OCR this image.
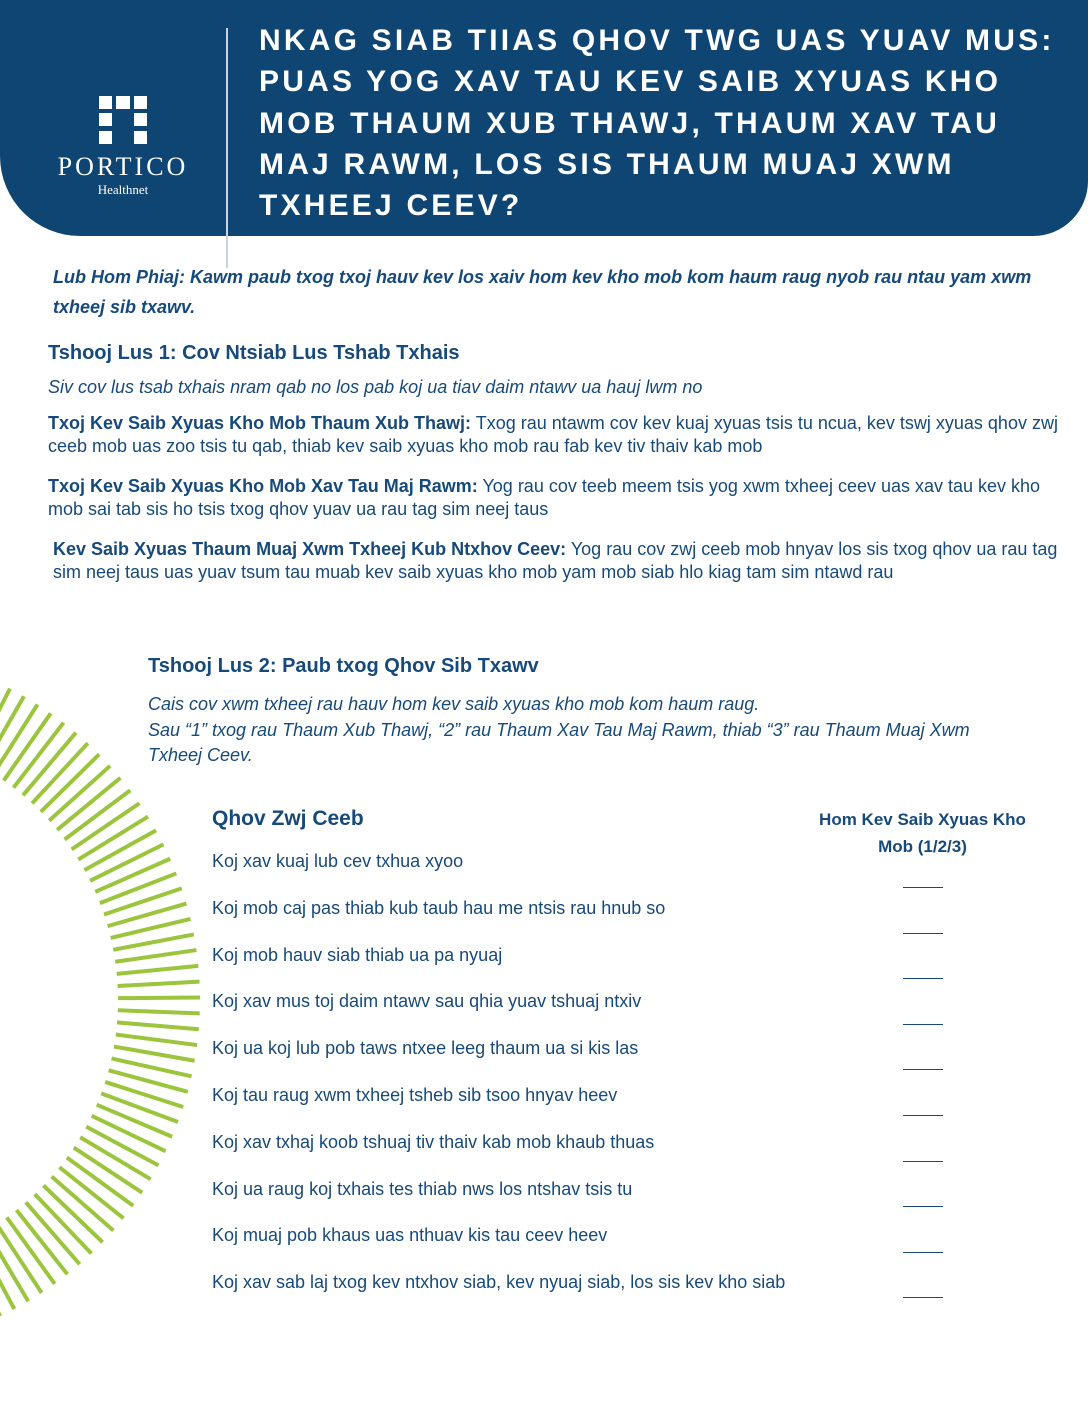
PORTICO
Healthnet
NKAG SIAB TIIAS QHOV TWG UAS YUAV MUS: PUAS YOG XAV TAU KEV SAIB XYUAS KHO MOB THAUM XUB THAWJ, THAUM XAV TAU MAJ RAWM, LOS SIS THAUM MUAJ XWM TXHEEJ CEEV?
Lub Hom Phiaj: Kawm paub txog txoj hauv kev los xaiv hom kev kho mob kom haum raug nyob rau ntau yam xwm txheej sib txawv.
Tshooj Lus 1: Cov Ntsiab Lus Tshab Txhais
Siv cov lus tsab txhais nram qab no los pab koj ua tiav daim ntawv ua hauj lwm no
Txoj Kev Saib Xyuas Kho Mob Thaum Xub Thawj: Txog rau ntawm cov kev kuaj xyuas tsis tu ncua, kev tswj xyuas qhov zwj ceeb mob uas zoo tsis tu qab, thiab kev saib xyuas kho mob rau fab kev tiv thaiv kab mob
Txoj Kev Saib Xyuas Kho Mob Xav Tau Maj Rawm: Yog rau cov teeb meem tsis yog xwm txheej ceev uas xav tau kev kho mob sai tab sis ho tsis txog qhov yuav ua rau tag sim neej taus
Kev Saib Xyuas Thaum Muaj Xwm Txheej Kub Ntxhov Ceev: Yog rau cov zwj ceeb mob hnyav los sis txog qhov ua rau tag sim neej taus uas yuav tsum tau muab kev saib xyuas kho mob yam mob siab hlo kiag tam sim ntawd rau
Tshooj Lus 2: Paub txog Qhov Sib Txawv
Cais cov xwm txheej rau hauv hom kev saib xyuas kho mob kom haum raug.
Sau “1” txog rau Thaum Xub Thawj, “2” rau Thaum Xav Tau Maj Rawm, thiab “3” rau Thaum Muaj Xwm Txheej Ceev.
Qhov Zwj Ceeb	Hom Kev Saib Xyuas Kho Mob (1/2/3)
Koj xav kuaj lub cev txhua xyoo
Koj mob caj pas thiab kub taub hau me ntsis rau hnub so
Koj mob hauv siab thiab ua pa nyuaj
Koj xav mus toj daim ntawv sau qhia yuav tshuaj ntxiv
Koj ua koj lub pob taws ntxee leeg thaum ua si kis las
Koj tau raug xwm txheej tsheb sib tsoo hnyav heev
Koj xav txhaj koob tshuaj tiv thaiv kab mob khaub thuas
Koj ua raug koj txhais tes thiab nws los ntshav tsis tu
Koj muaj pob khaus uas nthuav kis tau ceev heev
Koj xav sab laj txog kev ntxhov siab, kev nyuaj siab, los sis kev kho siab
